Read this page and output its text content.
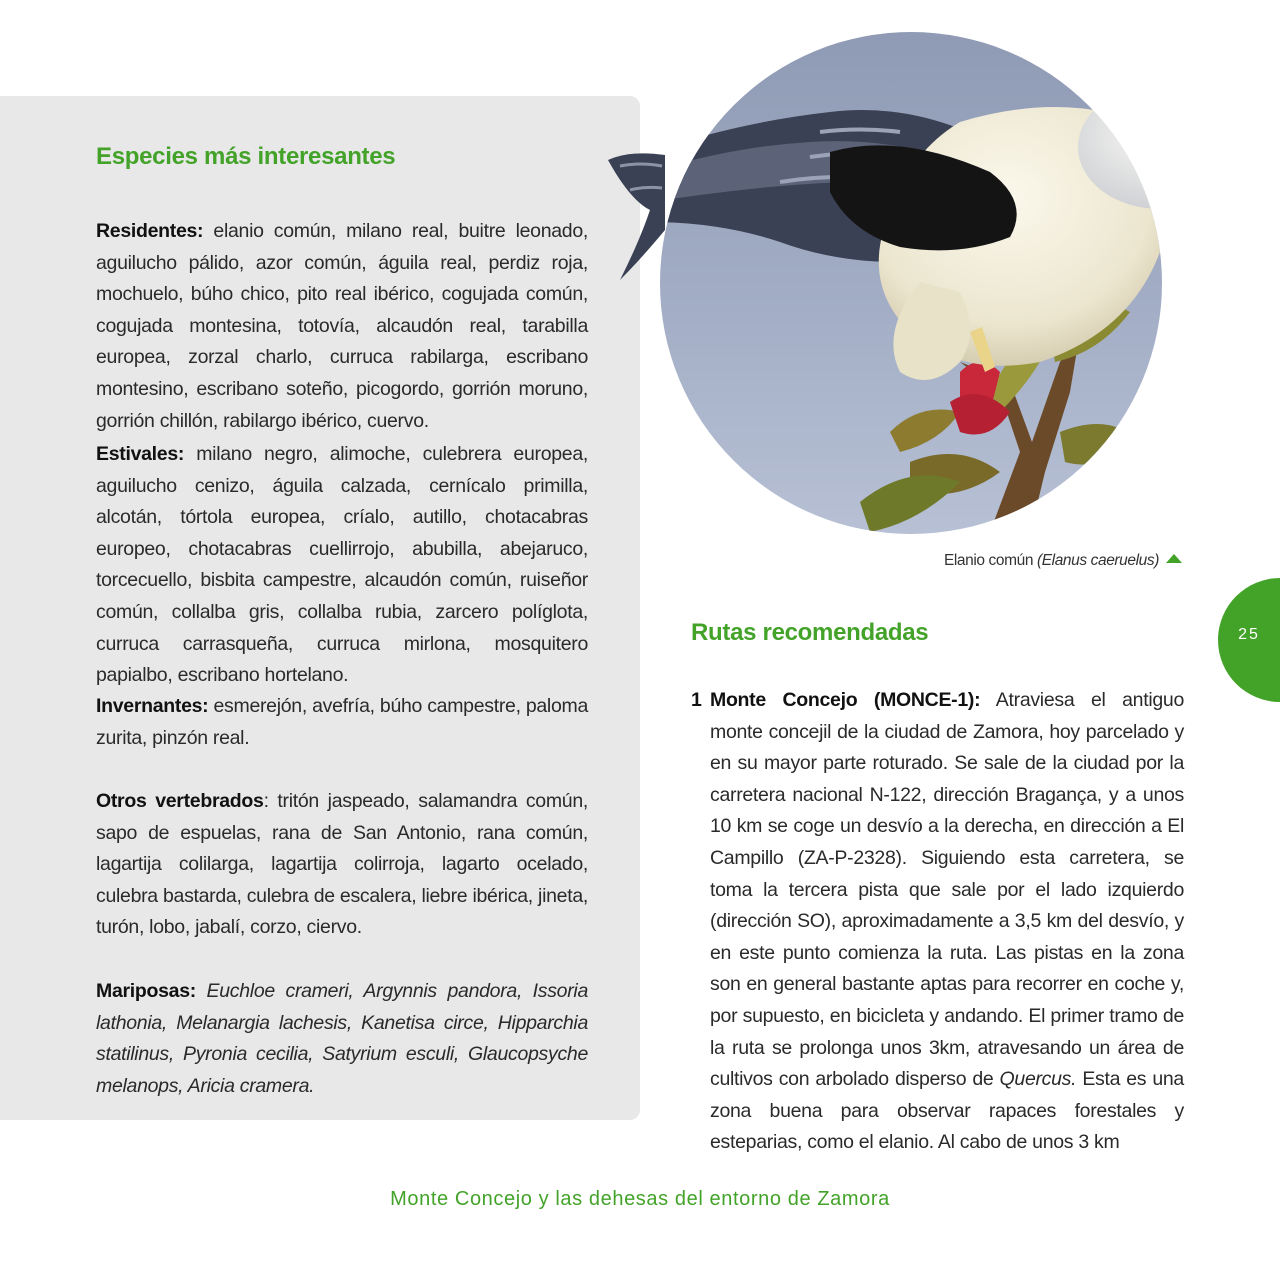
Especies más interesantes

Residentes: elanio común, milano real, buitre leonado, aguilucho pálido, azor común, águila real, perdiz roja, mochuelo, búho chico, pito real ibérico, cogujada común, cogujada montesina, totovía, alcaudón real, tarabilla europea, zorzal charlo, curruca rabilarga, escribano montesino, escribano soteño, picogordo, gorrión moruno, gorrión chillón, rabilargo ibérico, cuervo.

Estivales: milano negro, alimoche, culebrera europea, aguilucho cenizo, águila calzada, cernícalo primilla, alcotán, tórtola europea, críalo, autillo, chotacabras europeo, chotacabras cuellirrojo, abubilla, abejaruco, torcecuello, bisbita campestre, alcaudón común, ruiseñor común, collalba gris, collalba rubia, zarcero políglota, curruca carrasqueña, curruca mirlona, mosquitero papialbo, escribano hortelano.

Invernantes: esmerejón, avefría, búho campestre, paloma zurita, pinzón real.

Otros vertebrados: tritón jaspeado, salamandra común, sapo de espuelas, rana de San Antonio, rana común, lagartija colilarga, lagartija colirroja, lagarto ocelado, culebra bastarda, culebra de escalera, liebre ibérica, jineta, turón, lobo, jabalí, corzo, ciervo.

Mariposas: Euchloe crameri, Argynnis pandora, Issoria lathonia, Melanargia lachesis, Kanetisa circe, Hipparchia statilinus, Pyronia cecilia, Satyrium esculi, Glaucopsyche melanops, Aricia cramera.

Elanio común (Elanus caeruelus)

25

Rutas recomendadas

1 Monte Concejo (MONCE-1): Atraviesa el antiguo monte concejil de la ciudad de Zamora, hoy parcelado y en su mayor parte roturado. Se sale de la ciudad por la carretera nacional N-122, dirección Bragança, y a unos 10 km se coge un desvío a la derecha, en dirección a El Campillo (ZA-P-2328). Siguiendo esta carretera, se toma la tercera pista que sale por el lado izquierdo (dirección SO), aproximadamente a 3,5 km del desvío, y en este punto comienza la ruta. Las pistas en la zona son en general bastante aptas para recorrer en coche y, por supuesto, en bicicleta y andando. El primer tramo de la ruta se prolonga unos 3km, atravesando un área de cultivos con arbolado disperso de Quercus. Esta es una zona buena para observar rapaces forestales y esteparias, como el elanio. Al cabo de unos 3 km

Monte Concejo y las dehesas del entorno de Zamora
